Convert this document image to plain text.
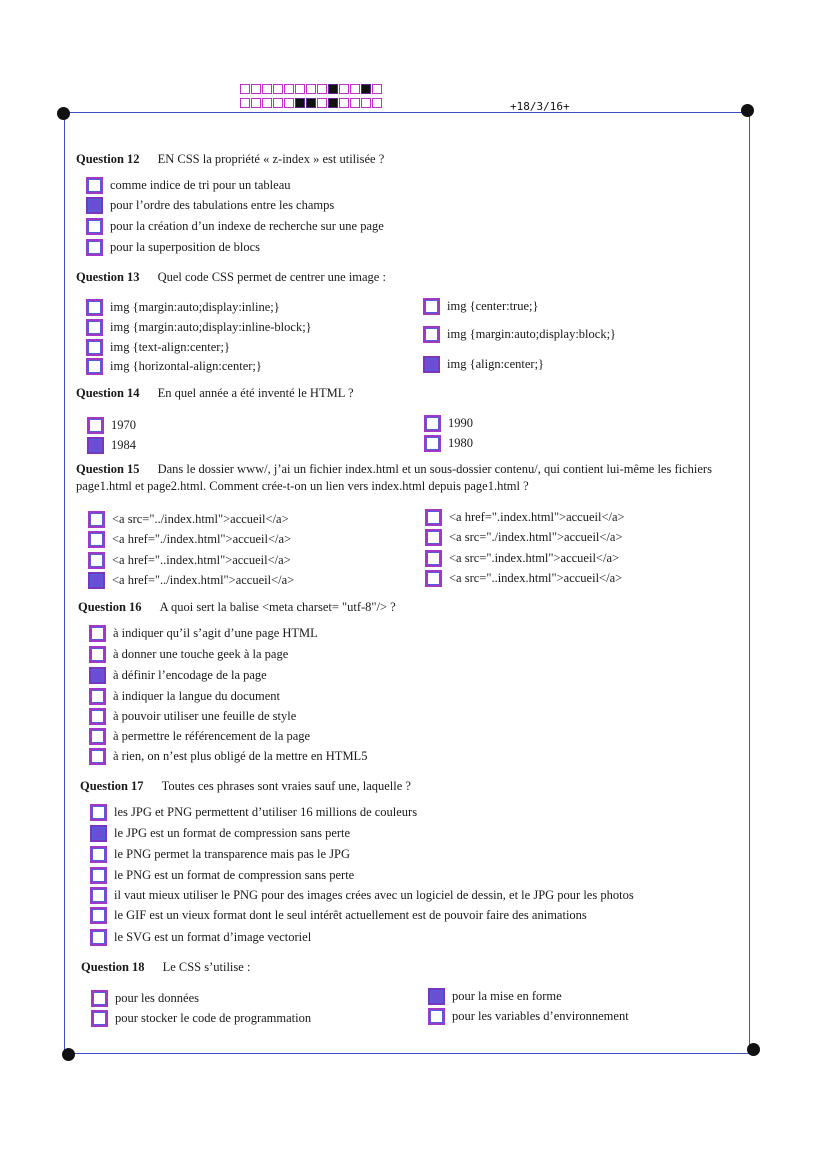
+18/3/16+
Question 12 EN CSS la propriété « z-index » est utilisée ?
comme indice de tri pour un tableau
pour l’ordre des tabulations entre les champs
pour la création d’un indexe de recherche sur une page
pour la superposition de blocs
Question 13 Quel code CSS permet de centrer une image :
img {margin:auto;display:inline;}
img {margin:auto;display:inline-block;}
img {text-align:center;}
img {horizontal-align:center;}
img {center:true;}
img {margin:auto;display:block;}
img {align:center;}
Question 14 En quel année a été inventé le HTML ?
1970
1984
1990
1980
Question 15 Dans le dossier www/, j’ai un fichier index.html et un sous-dossier contenu/, qui contient lui-même les fichiers page1.html et page2.html. Comment crée-t-on un lien vers index.html depuis page1.html ?
<a src="../index.html">accueil</a>
<a href="./index.html">accueil</a>
<a href="..index.html">accueil</a>
<a href="../index.html">accueil</a>
<a href=".index.html">accueil</a>
<a src="./index.html">accueil</a>
<a src=".index.html">accueil</a>
<a src="..index.html">accueil</a>
Question 16 A quoi sert la balise <meta charset= "utf-8"/> ?
à indiquer qu’il s’agit d’une page HTML
à donner une touche geek à la page
à définir l’encodage de la page
à indiquer la langue du document
à pouvoir utiliser une feuille de style
à permettre le référencement de la page
à rien, on n’est plus obligé de la mettre en HTML5
Question 17 Toutes ces phrases sont vraies sauf une, laquelle ?
les JPG et PNG permettent d’utiliser 16 millions de couleurs
le JPG est un format de compression sans perte
le PNG permet la transparence mais pas le JPG
le PNG est un format de compression sans perte
il vaut mieux utiliser le PNG pour des images crées avec un logiciel de dessin, et le JPG pour les photos
le GIF est un vieux format dont le seul intérêt actuellement est de pouvoir faire des animations
le SVG est un format d’image vectoriel
Question 18 Le CSS s’utilise :
pour les données
pour stocker le code de programmation
pour la mise en forme
pour les variables d’environnement
